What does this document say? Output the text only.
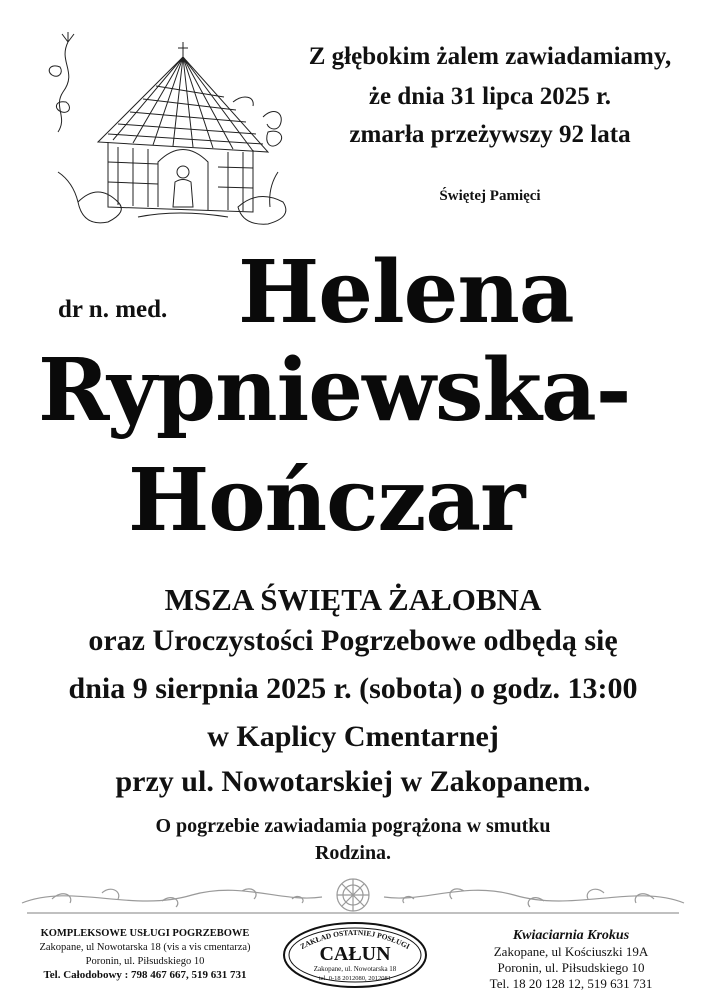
Z głębokim żalem zawiadamiamy,
że dnia 31 lipca 2025 r.
zmarła przeżywszy 92 lata
Świętej Pamięci
dr n. med. Helena
Rypniewska-
Hończar
MSZA ŚWIĘTA ŻAŁOBNA
oraz Uroczystości Pogrzebowe odbędą się
dnia 9 sierpnia 2025 r. (sobota) o godz. 13:00
w Kaplicy Cmentarnej
przy ul. Nowotarskiej w Zakopanem.
O pogrzebie zawiadamia pogrążona w smutku
Rodzina.
KOMPLEKSOWE USŁUGI POGRZEBOWE
Zakopane, ul Nowotarska 18 (vis a vis cmentarza)
Poronin, ul. Piłsudskiego 10
Tel. Całodobowy : 798 467 667, 519 631 731
ZAKŁAD OSTATNIEJ POSŁUGI
CAŁUN
Zakopane, ul. Nowotarska 18
tel. 0-18 2012080, 2012081
Kwiaciarnia Krokus
Zakopane, ul Kościuszki 19A
Poronin, ul. Piłsudskiego 10
Tel. 18 20 128 12, 519 631 731
